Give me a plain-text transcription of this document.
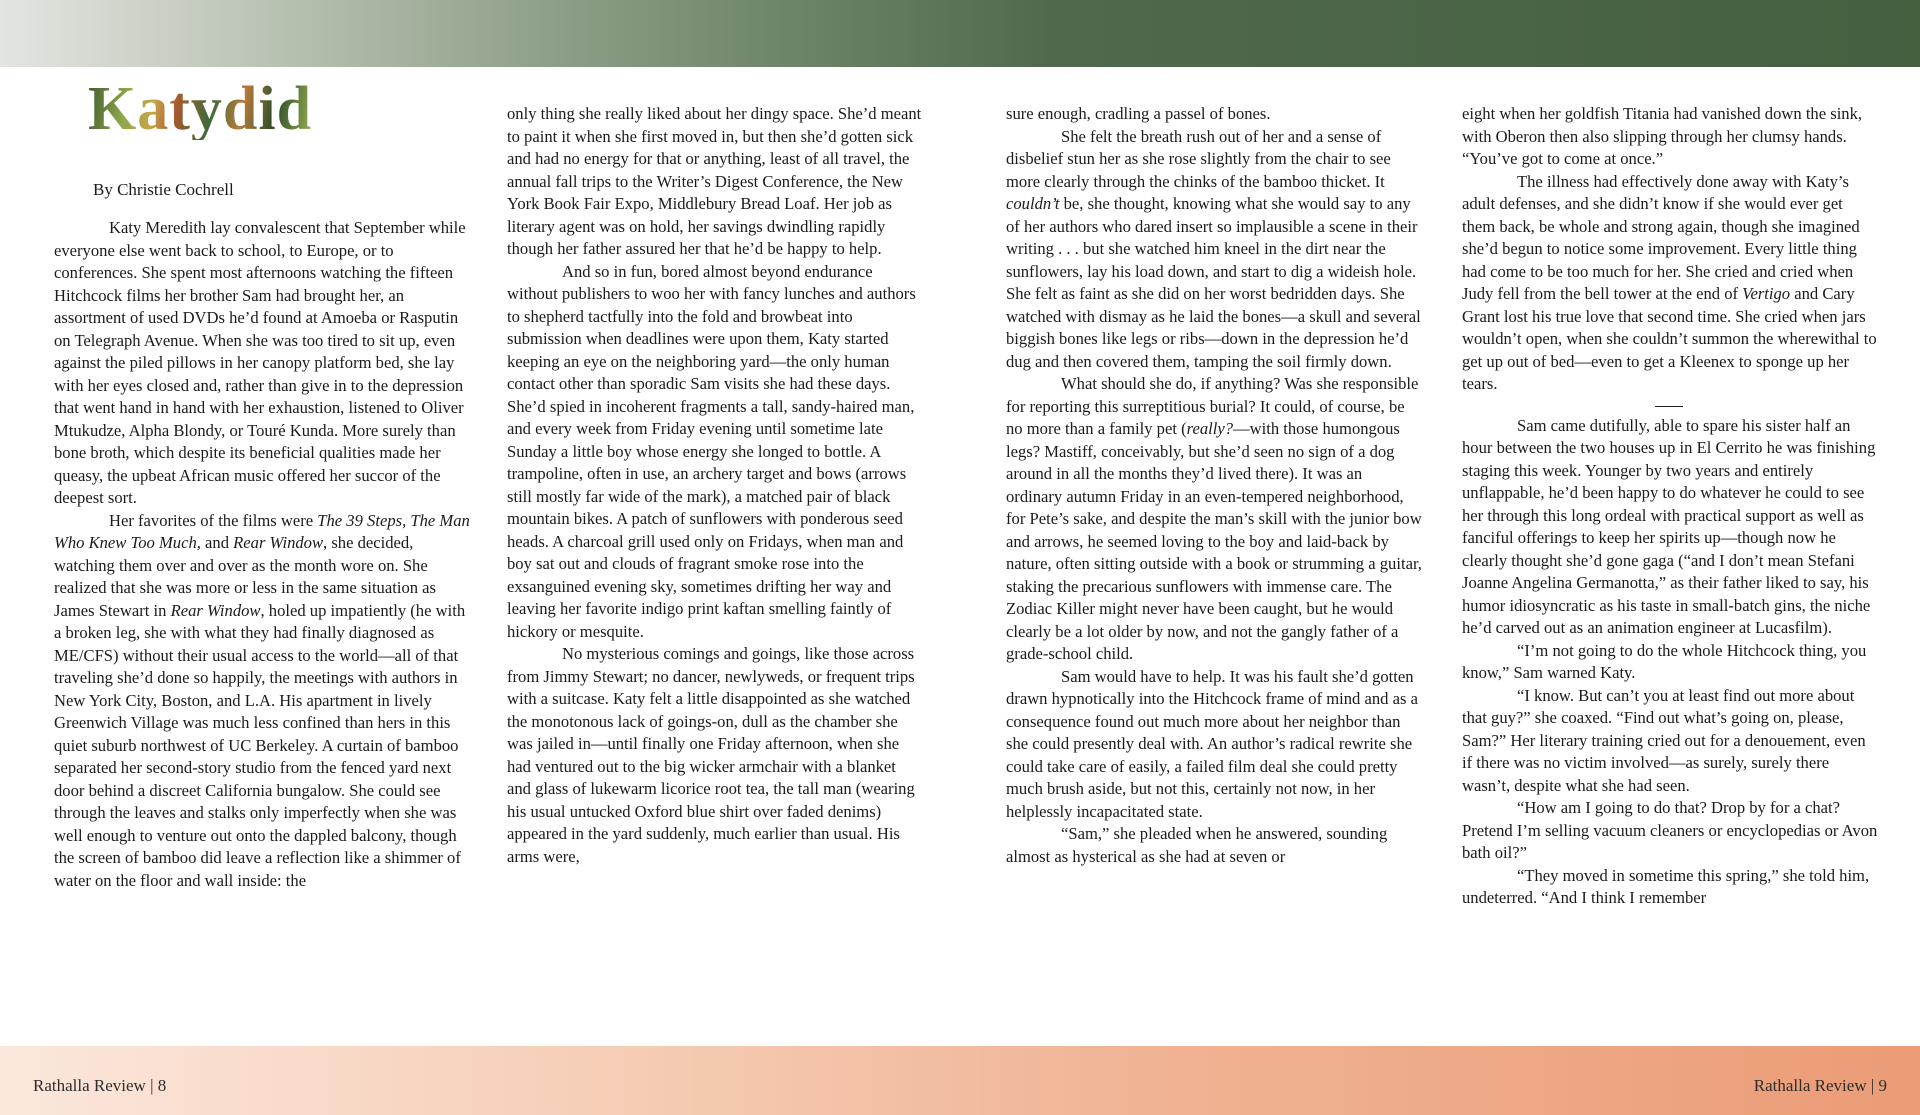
Katydid
By Christie Cochrell

Katy Meredith lay convalescent that September while everyone else went back to school, to Europe, or to conferences. She spent most afternoons watching the fifteen Hitchcock films her brother Sam had brought her, an assortment of used DVDs he’d found at Amoeba or Rasputin on Telegraph Avenue. When she was too tired to sit up, even against the piled pillows in her canopy platform bed, she lay with her eyes closed and, rather than give in to the depression that went hand in hand with her exhaustion, listened to Oliver Mtukudze, Alpha Blondy, or Touré Kunda. More surely than bone broth, which despite its beneficial qualities made her queasy, the upbeat African music offered her succor of the deepest sort.

Her favorites of the films were The 39 Steps, The Man Who Knew Too Much, and Rear Window, she decided, watching them over and over as the month wore on. She realized that she was more or less in the same situation as James Stewart in Rear Window, holed up impatiently (he with a broken leg, she with what they had finally diagnosed as ME/CFS) without their usual access to the world—all of that traveling she’d done so happily, the meetings with authors in New York City, Boston, and L.A. His apartment in lively Greenwich Village was much less confined than hers in this quiet suburb northwest of UC Berkeley. A curtain of bamboo separated her second-story studio from the fenced yard next door behind a discreet California bungalow. She could see through the leaves and stalks only imperfectly when she was well enough to venture out onto the dappled balcony, though the screen of bamboo did leave a reflection like a shimmer of water on the floor and wall inside: the

only thing she really liked about her dingy space. She’d meant to paint it when she first moved in, but then she’d gotten sick and had no energy for that or anything, least of all travel, the annual fall trips to the Writer’s Digest Conference, the New York Book Fair Expo, Middlebury Bread Loaf. Her job as literary agent was on hold, her savings dwindling rapidly though her father assured her that he’d be happy to help.

And so in fun, bored almost beyond endurance without publishers to woo her with fancy lunches and authors to shepherd tactfully into the fold and browbeat into submission when deadlines were upon them, Katy started keeping an eye on the neighboring yard—the only human contact other than sporadic Sam visits she had these days. She’d spied in incoherent fragments a tall, sandy-haired man, and every week from Friday evening until sometime late Sunday a little boy whose energy she longed to bottle. A trampoline, often in use, an archery target and bows (arrows still mostly far wide of the mark), a matched pair of black mountain bikes. A patch of sunflowers with ponderous seed heads. A charcoal grill used only on Fridays, when man and boy sat out and clouds of fragrant smoke rose into the exsanguined evening sky, sometimes drifting her way and leaving her favorite indigo print kaftan smelling faintly of hickory or mesquite.

No mysterious comings and goings, like those across from Jimmy Stewart; no dancer, newlyweds, or frequent trips with a suitcase. Katy felt a little disappointed as she watched the monotonous lack of goings-on, dull as the chamber she was jailed in—until finally one Friday afternoon, when she had ventured out to the big wicker armchair with a blanket and glass of lukewarm licorice root tea, the tall man (wearing his usual untucked Oxford blue shirt over faded denims) appeared in the yard suddenly, much earlier than usual. His arms were,

sure enough, cradling a passel of bones.

She felt the breath rush out of her and a sense of disbelief stun her as she rose slightly from the chair to see more clearly through the chinks of the bamboo thicket. It couldn’t be, she thought, knowing what she would say to any of her authors who dared insert so implausible a scene in their writing . . . but she watched him kneel in the dirt near the sunflowers, lay his load down, and start to dig a wideish hole. She felt as faint as she did on her worst bedridden days. She watched with dismay as he laid the bones—a skull and several biggish bones like legs or ribs—down in the depression he’d dug and then covered them, tamping the soil firmly down.

What should she do, if anything? Was she responsible for reporting this surreptitious burial? It could, of course, be no more than a family pet (really?—with those humongous legs? Mastiff, conceivably, but she’d seen no sign of a dog around in all the months they’d lived there). It was an ordinary autumn Friday in an even-tempered neighborhood, for Pete’s sake, and despite the man’s skill with the junior bow and arrows, he seemed loving to the boy and laid-back by nature, often sitting outside with a book or strumming a guitar, staking the precarious sunflowers with immense care. The Zodiac Killer might never have been caught, but he would clearly be a lot older by now, and not the gangly father of a grade-school child.

Sam would have to help. It was his fault she’d gotten drawn hypnotically into the Hitchcock frame of mind and as a consequence found out much more about her neighbor than she could presently deal with. An author’s radical rewrite she could take care of easily, a failed film deal she could pretty much brush aside, but not this, certainly not now, in her helplessly incapacitated state.

“Sam,” she pleaded when he answered, sounding almost as hysterical as she had at seven or

eight when her goldfish Titania had vanished down the sink, with Oberon then also slipping through her clumsy hands. “You’ve got to come at once.”

The illness had effectively done away with Katy’s adult defenses, and she didn’t know if she would ever get them back, be whole and strong again, though she imagined she’d begun to notice some improvement. Every little thing had come to be too much for her. She cried and cried when Judy fell from the bell tower at the end of Vertigo and Cary Grant lost his true love that second time. She cried when jars wouldn’t open, when she couldn’t summon the wherewithal to get up out of bed—even to get a Kleenex to sponge up her tears.

Sam came dutifully, able to spare his sister half an hour between the two houses up in El Cerrito he was finishing staging this week. Younger by two years and entirely unflappable, he’d been happy to do whatever he could to see her through this long ordeal with practical support as well as fanciful offerings to keep her spirits up—though now he clearly thought she’d gone gaga (“and I don’t mean Stefani Joanne Angelina Germanotta,” as their father liked to say, his humor idiosyncratic as his taste in small-batch gins, the niche he’d carved out as an animation engineer at Lucasfilm).

“I’m not going to do the whole Hitchcock thing, you know,” Sam warned Katy.

“I know. But can’t you at least find out more about that guy?” she coaxed. “Find out what’s going on, please, Sam?” Her literary training cried out for a denouement, even if there was no victim involved—as surely, surely there wasn’t, despite what she had seen.

“How am I going to do that? Drop by for a chat? Pretend I’m selling vacuum cleaners or encyclopedias or Avon bath oil?”

“They moved in sometime this spring,” she told him, undeterred. “And I think I remember

Rathalla Review | 8	Rathalla Review | 9
